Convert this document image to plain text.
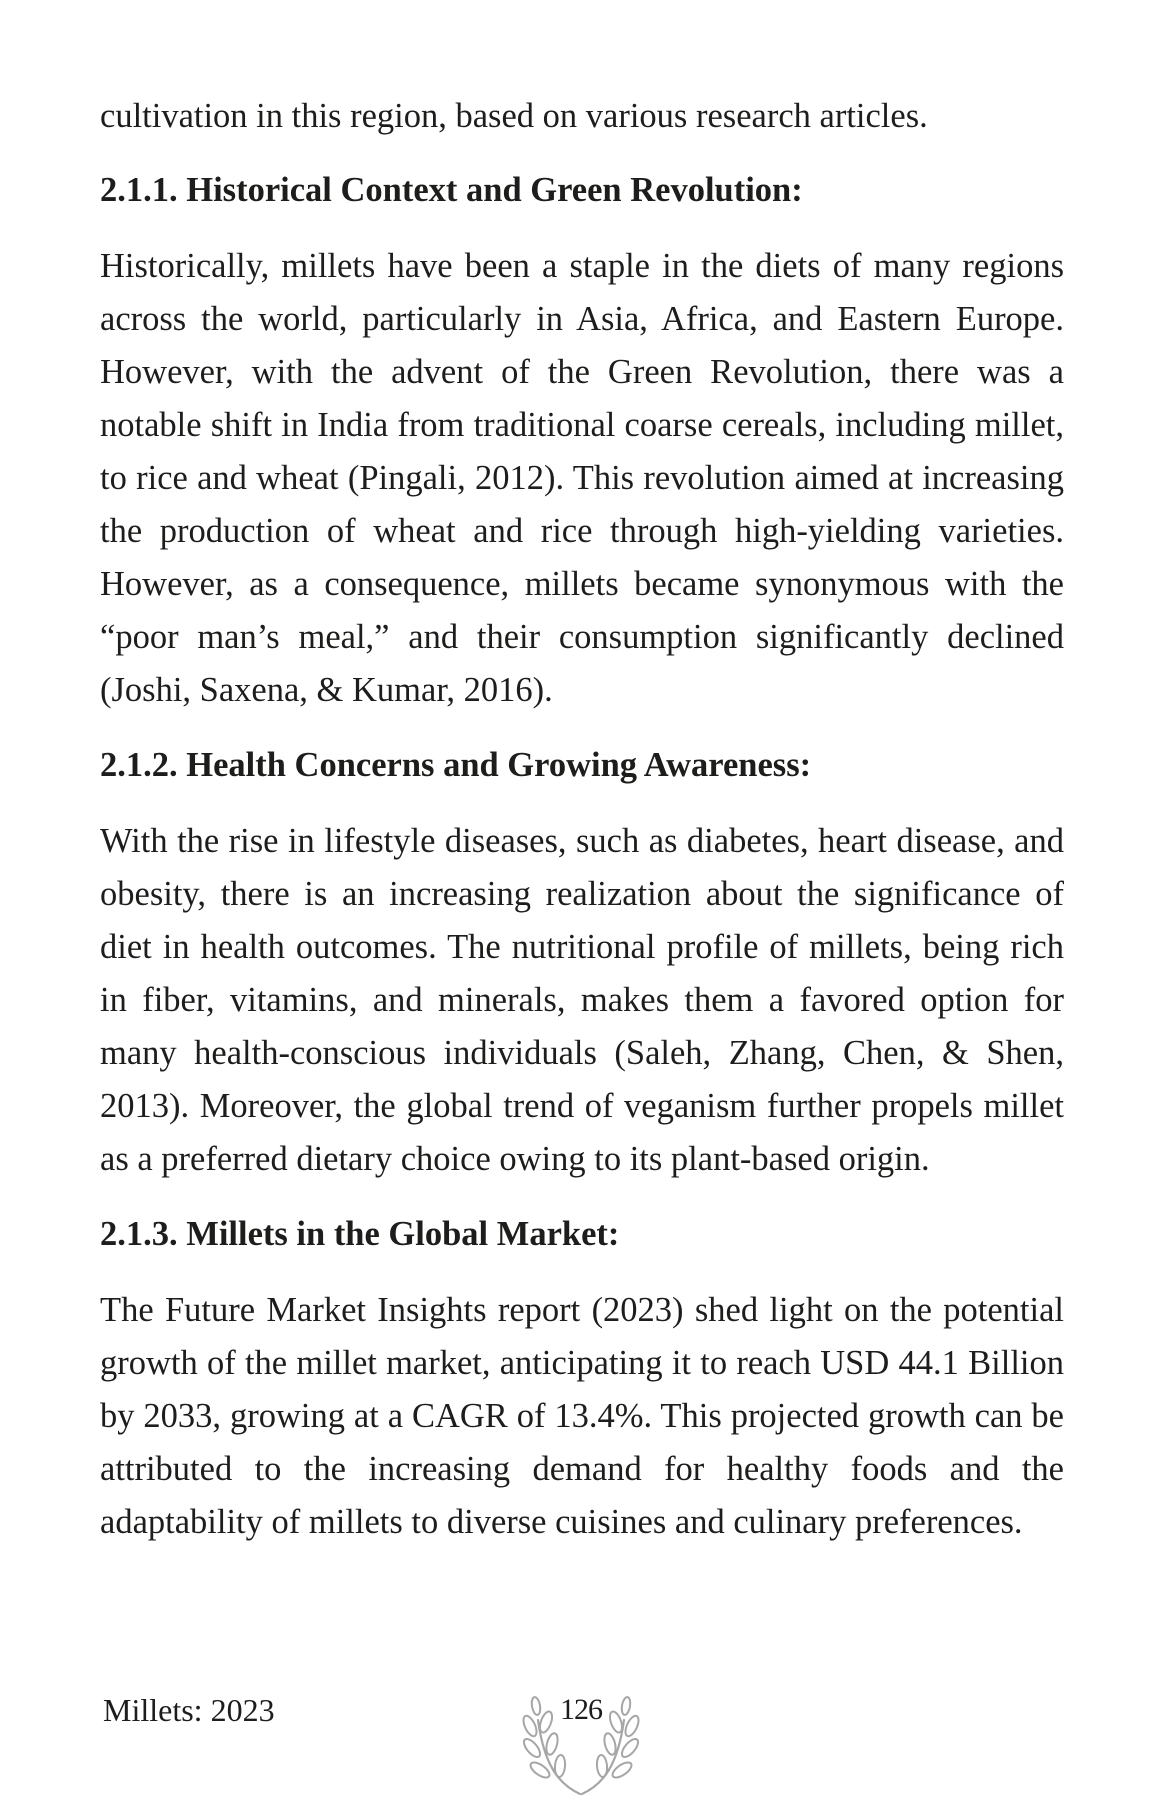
cultivation in this region, based on various research articles.

2.1.1. Historical Context and Green Revolution:

Historically, millets have been a staple in the diets of many regions across the world, particularly in Asia, Africa, and Eastern Europe. However, with the advent of the Green Revolution, there was a notable shift in India from traditional coarse cereals, including millet, to rice and wheat (Pingali, 2012). This revolution aimed at increasing the production of wheat and rice through high-yielding varieties. However, as a consequence, millets became synonymous with the “poor man’s meal,” and their consumption significantly declined (Joshi, Saxena, & Kumar, 2016).

2.1.2. Health Concerns and Growing Awareness:

With the rise in lifestyle diseases, such as diabetes, heart disease, and obesity, there is an increasing realization about the significance of diet in health outcomes. The nutritional profile of millets, being rich in fiber, vitamins, and minerals, makes them a favored option for many health-conscious individuals (Saleh, Zhang, Chen, & Shen, 2013). Moreover, the global trend of veganism further propels millet as a preferred dietary choice owing to its plant-based origin.

2.1.3. Millets in the Global Market:

The Future Market Insights report (2023) shed light on the potential growth of the millet market, anticipating it to reach USD 44.1 Billion by 2033, growing at a CAGR of 13.4%. This projected growth can be attributed to the increasing demand for healthy foods and the adaptability of millets to diverse cuisines and culinary preferences.

Millets: 2023	126
